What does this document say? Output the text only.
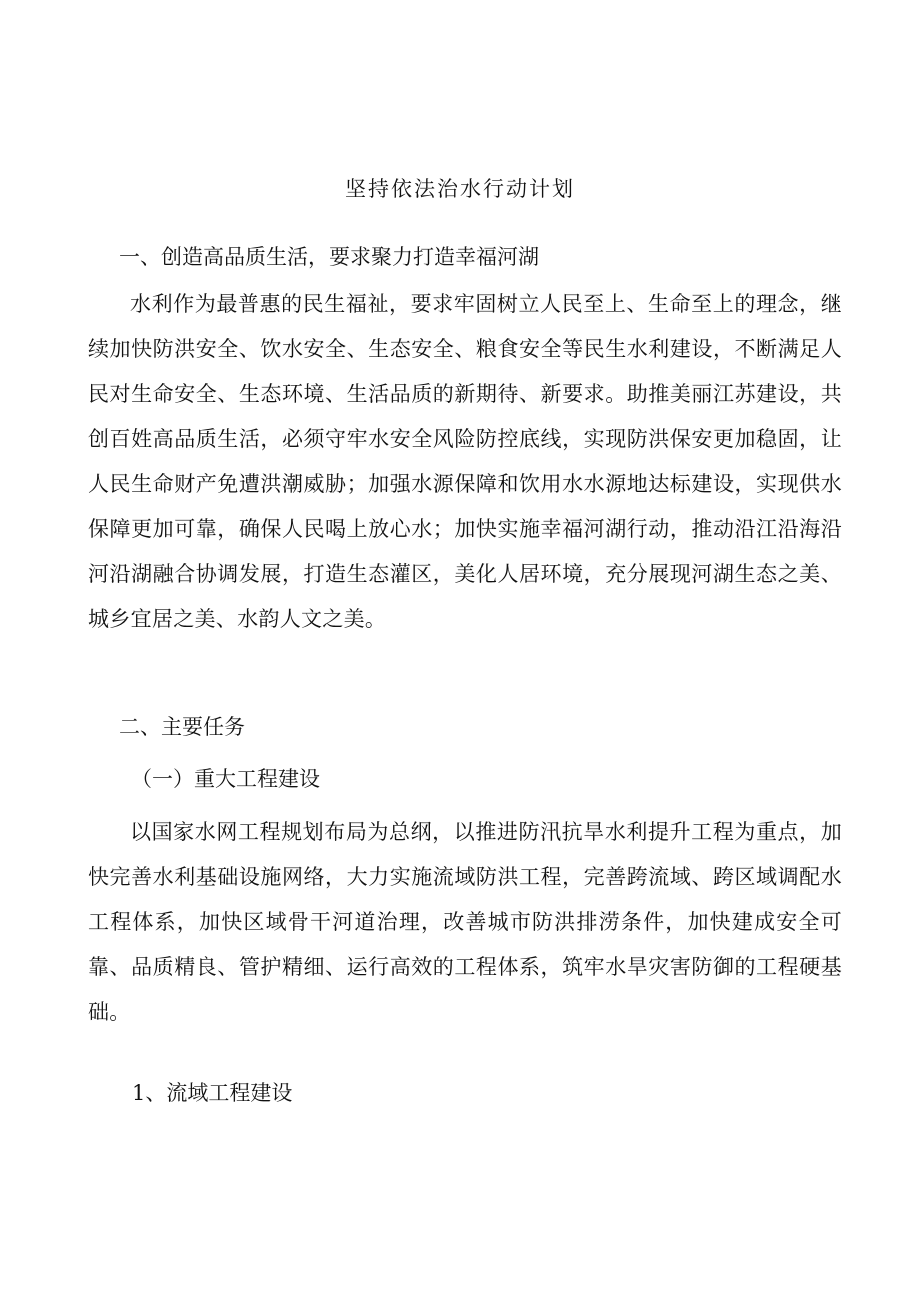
坚持依法治水行动计划
一、创造高品质生活，要求聚力打造幸福河湖

水利作为最普惠的民生福祉，要求牢固树立人民至上、生命至上的理念，继续加快防洪安全、饮水安全、生态安全、粮食安全等民生水利建设，不断满足人民对生命安全、生态环境、生活品质的新期待、新要求。助推美丽江苏建设，共创百姓高品质生活，必须守牢水安全风险防控底线，实现防洪保安更加稳固，让人民生命财产免遭洪潮威胁；加强水源保障和饮用水水源地达标建设，实现供水保障更加可靠，确保人民喝上放心水；加快实施幸福河湖行动，推动沿江沿海沿河沿湖融合协调发展，打造生态灌区，美化人居环境，充分展现河湖生态之美、城乡宜居之美、水韵人文之美。

二、主要任务
（一）重大工程建设

以国家水网工程规划布局为总纲，以推进防汛抗旱水利提升工程为重点，加快完善水利基础设施网络，大力实施流域防洪工程，完善跨流域、跨区域调配水工程体系，加快区域骨干河道治理，改善城市防洪排涝条件，加快建成安全可靠、品质精良、管护精细、运行高效的工程体系，筑牢水旱灾害防御的工程硬基础。

1、流域工程建设
